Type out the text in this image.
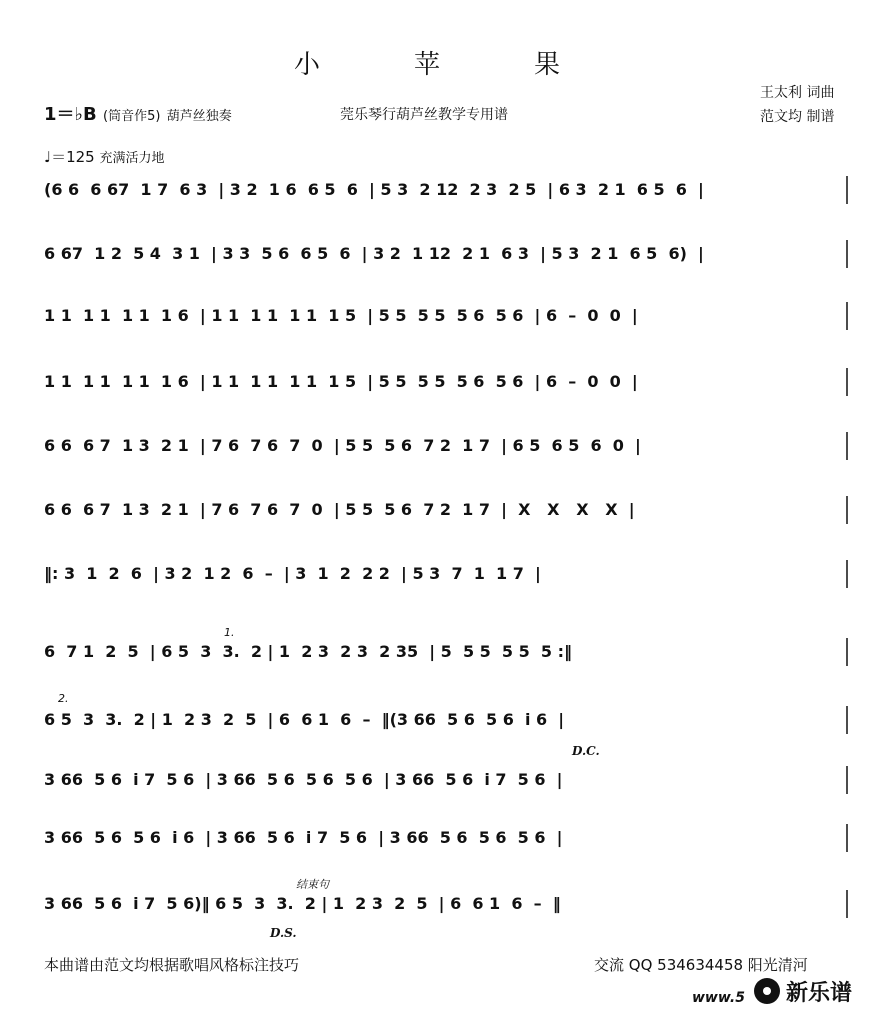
小　苹　果
1＝♭B (筒音作5) 葫芦丝独奏	莞乐琴行葫芦丝教学专用谱
王太利 词曲
范文均 制谱
♩＝125 充满活力地
(6 6  6 67  1 7  6 3  | 3 2  1 6  6 5  6  | 5 3  2 12  2 3  2 5  | 6 3  2 1  6 5  6  |
6 67  1 2  5 4  3 1  | 3 3  5 6  6 5  6  | 3 2  1 12  2 1  6 3  | 5 3  2 1  6 5  6)  |
1 1  1 1  1 1  1 6  | 1 1  1 1  1 1  1 5  | 5 5  5 5  5 6  5 6  | 6  –  0  0  |
1 1  1 1  1 1  1 6  | 1 1  1 1  1 1  1 5  | 5 5  5 5  5 6  5 6  | 6  –  0  0  |
6 6  6 7  1 3  2 1  | 7 6  7 6  7  0  | 5 5  5 6  7 2  1 7  | 6 5  6 5  6  0  |
6 6  6 7  1 3  2 1  | 7 6  7 6  7  0  | 5 5  5 6  7 2  1 7  |  X   X   X   X  |
‖: 3  1  2  6  | 3 2  1 2  6  –  | 3  1  2  2 2  | 5 3  7  1  1 7  |
6  7 1  2  5  | 6 5  3  3.  2 | 1  2 3  2 3  2 35  | 5  5 5  5 5  5 :‖
6 5  3  3.  2 | 1  2 3  2  5  | 6  6 1  6  –  ‖(3 66  5 6  5 6  i 6  |
3 66  5 6  i 7  5 6  | 3 66  5 6  5 6  5 6  | 3 66  5 6  i 7  5 6  |
3 66  5 6  5 6  i 6  | 3 66  5 6  i 7  5 6  | 3 66  5 6  5 6  5 6  |
3 66  5 6  i 7  5 6)‖ 6 5  3  3.  2 | 1  2 3  2  5  | 6  6 1  6  –  ‖
D.C.
D.S.
结束句
1.
2.
本曲谱由范文均根据歌唱风格标注技巧	交流 QQ 534634458 阳光清河
www.5 新乐谱
